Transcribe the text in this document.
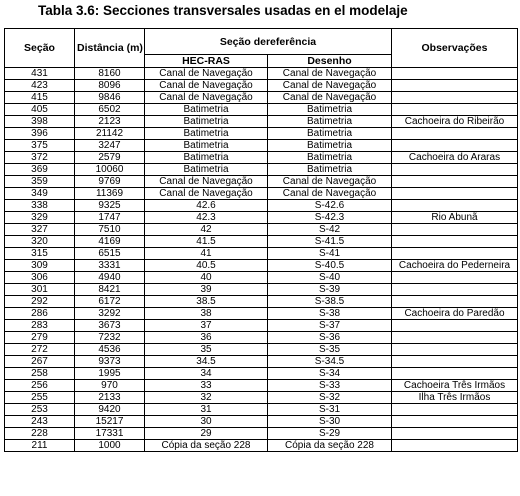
Tabla 3.6: Secciones transversales usadas en el modelaje
Seção	Distância (m)	Seção dereferência		Observações
		HEC-RAS	Desenho	
431	8160	Canal de Navegação	Canal de Navegação	
423	8096	Canal de Navegação	Canal de Navegação	
415	9846	Canal de Navegação	Canal de Navegação	
405	6502	Batimetria	Batimetria	
398	2123	Batimetria	Batimetria	Cachoeira do Ribeirão
396	21142	Batimetria	Batimetria	
375	3247	Batimetria	Batimetria	
372	2579	Batimetria	Batimetria	Cachoeira do Araras
369	10060	Batimetria	Batimetria	
359	9769	Canal de Navegação	Canal de Navegação	
349	11369	Canal de Navegação	Canal de Navegação	
338	9325	42.6	S-42.6	
329	1747	42.3	S-42.3	Rio Abunã
327	7510	42	S-42	
320	4169	41.5	S-41.5	
315	6515	41	S-41	
309	3331	40.5	S-40.5	Cachoeira do Pederneira
306	4940	40	S-40	
301	8421	39	S-39	
292	6172	38.5	S-38.5	
286	3292	38	S-38	Cachoeira do Paredão
283	3673	37	S-37	
279	7232	36	S-36	
272	4536	35	S-35	
267	9373	34.5	S-34.5	
258	1995	34	S-34	
256	970	33	S-33	Cachoeira Três Irmãos
255	2133	32	S-32	Ilha Três Irmãos
253	9420	31	S-31	
243	15217	30	S-30	
228	17331	29	S-29	
211	1000	Cópia da seção 228	Cópia da seção 228	
